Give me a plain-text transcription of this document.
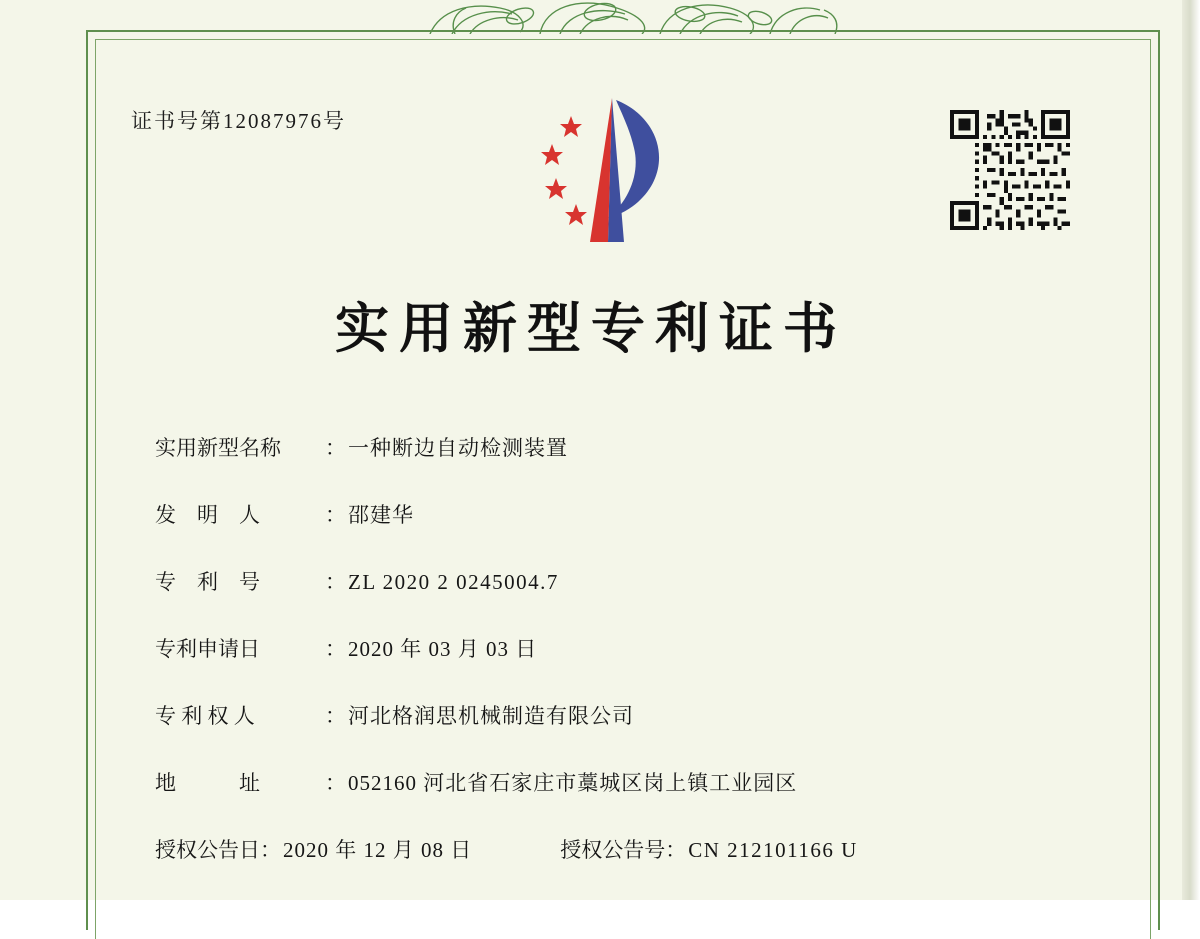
证书号第12087976号
实用新型专利证书
实用新型名称	： 一种断边自动检测装置
发　明　人	： 邵建华
专　利　号	： ZL 2020 2 0245004.7
专利申请日	： 2020 年 03 月 03 日
专 利 权 人	： 河北格润思机械制造有限公司
地　　　址	： 052160 河北省石家庄市藁城区岗上镇工业园区
授权公告日：2020 年 12 月 08 日	授权公告号：CN 212101166 U
